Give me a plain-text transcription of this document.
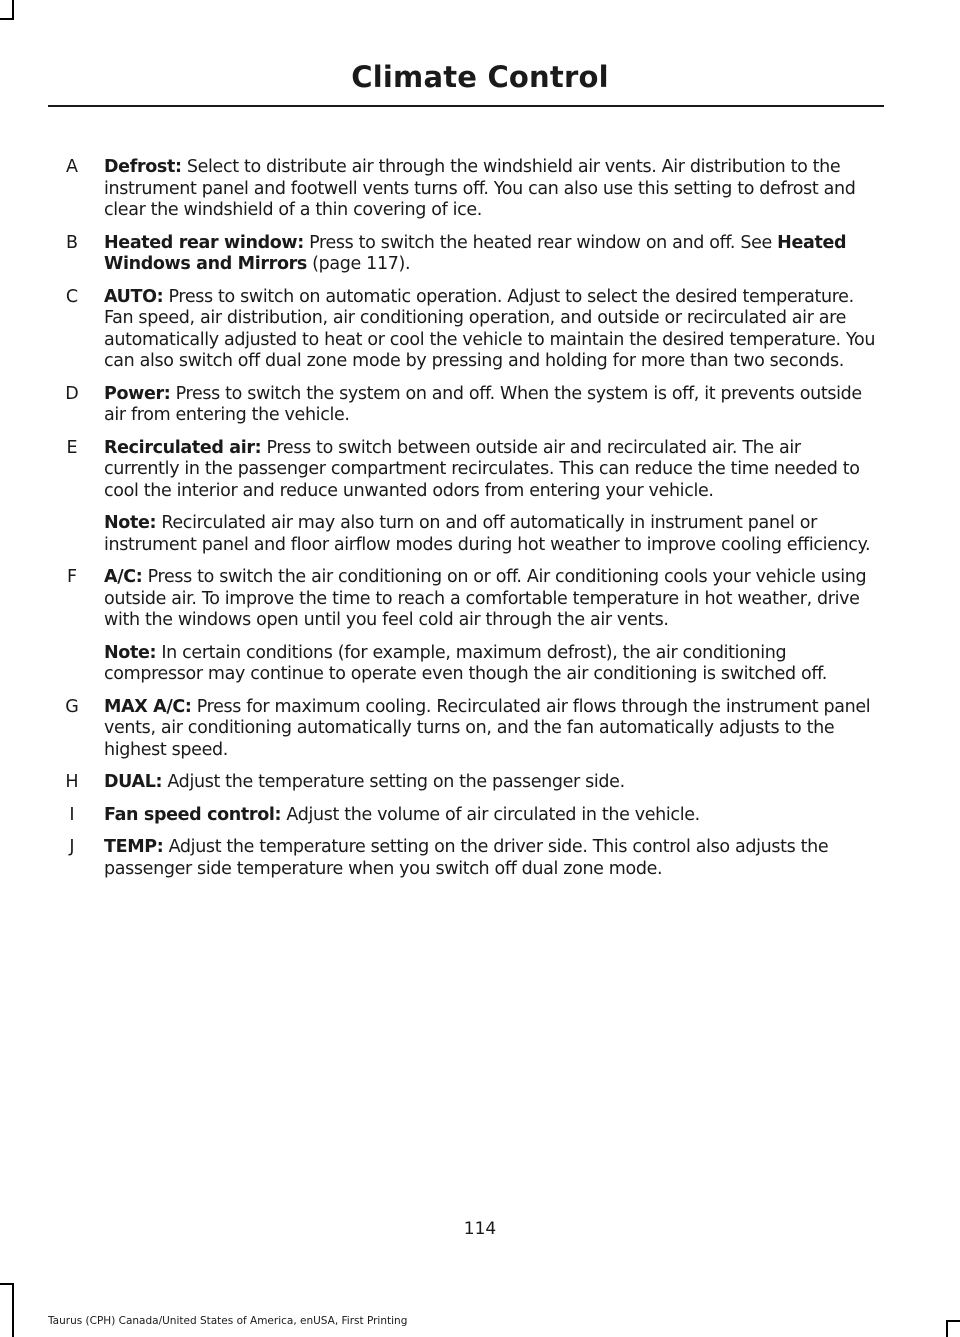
Climate Control
A	Defrost: Select to distribute air through the windshield air vents. Air distribution to the instrument panel and footwell vents turns off. You can also use this setting to defrost and clear the windshield of a thin covering of ice.

B	Heated rear window: Press to switch the heated rear window on and off. See Heated Windows and Mirrors (page 117).

C	AUTO: Press to switch on automatic operation. Adjust to select the desired temperature. Fan speed, air distribution, air conditioning operation, and outside or recirculated air are automatically adjusted to heat or cool the vehicle to maintain the desired temperature. You can also switch off dual zone mode by pressing and holding for more than two seconds.

D	Power: Press to switch the system on and off. When the system is off, it prevents outside air from entering the vehicle.

E	Recirculated air: Press to switch between outside air and recirculated air. The air currently in the passenger compartment recirculates. This can reduce the time needed to cool the interior and reduce unwanted odors from entering your vehicle.

Note: Recirculated air may also turn on and off automatically in instrument panel or instrument panel and floor airflow modes during hot weather to improve cooling efficiency.

F	A/C: Press to switch the air conditioning on or off. Air conditioning cools your vehicle using outside air. To improve the time to reach a comfortable temperature in hot weather, drive with the windows open until you feel cold air through the air vents.

Note: In certain conditions (for example, maximum defrost), the air conditioning compressor may continue to operate even though the air conditioning is switched off.

G	MAX A/C: Press for maximum cooling. Recirculated air flows through the instrument panel vents, air conditioning automatically turns on, and the fan automatically adjusts to the highest speed.

H	DUAL: Adjust the temperature setting on the passenger side.

I	Fan speed control: Adjust the volume of air circulated in the vehicle.

J	TEMP: Adjust the temperature setting on the driver side. This control also adjusts the passenger side temperature when you switch off dual zone mode.

114
Taurus (CPH) Canada/United States of America, enUSA, First Printing
